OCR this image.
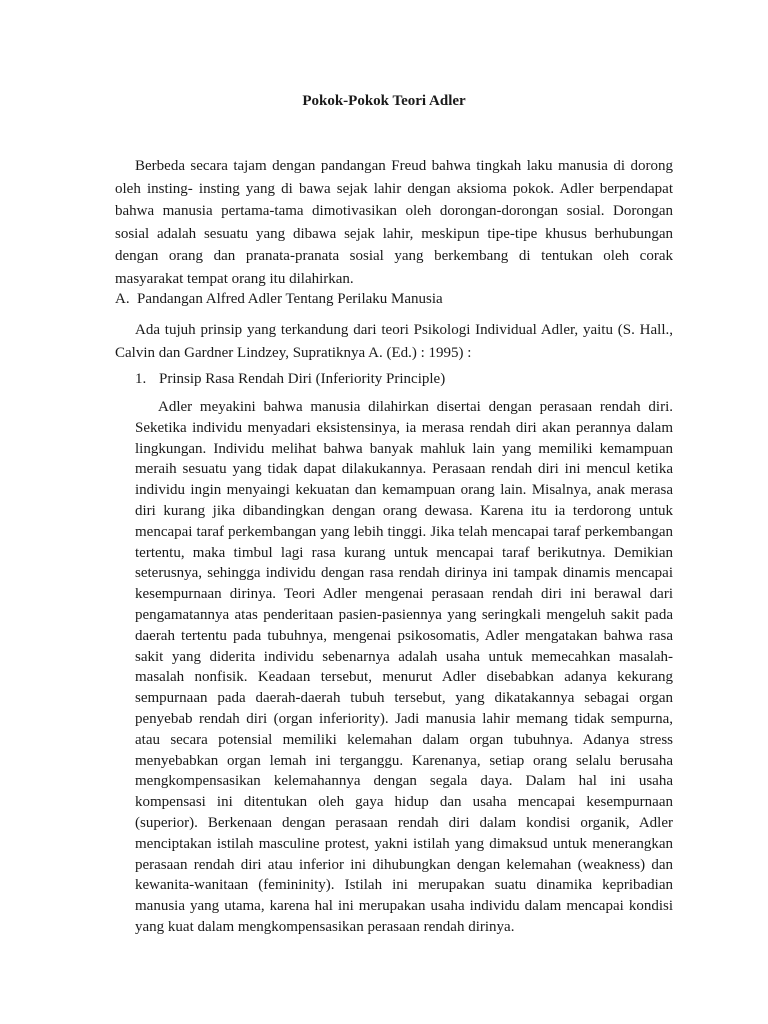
Pokok-Pokok Teori Adler

Berbeda secara tajam dengan pandangan Freud bahwa tingkah laku manusia di dorong oleh insting- insting yang di bawa sejak lahir dengan aksioma pokok. Adler berpendapat bahwa manusia pertama-tama dimotivasikan oleh dorongan-dorongan sosial. Dorongan sosial adalah sesuatu yang dibawa sejak lahir, meskipun tipe-tipe khusus berhubungan dengan orang dan pranata-pranata sosial yang berkembang di tentukan oleh corak masyarakat tempat orang itu dilahirkan.

A. Pandangan Alfred Adler Tentang Perilaku Manusia

Ada tujuh prinsip yang terkandung dari teori Psikologi Individual Adler, yaitu (S. Hall., Calvin dan Gardner Lindzey, Supratiknya A. (Ed.) : 1995) :

1. Prinsip Rasa Rendah Diri (Inferiority Principle)

Adler meyakini bahwa manusia dilahirkan disertai dengan perasaan rendah diri. Seketika individu menyadari eksistensinya, ia merasa rendah diri akan perannya dalam lingkungan. Individu melihat bahwa banyak mahluk lain yang memiliki kemampuan meraih sesuatu yang tidak dapat dilakukannya. Perasaan rendah diri ini mencul ketika individu ingin menyaingi kekuatan dan kemampuan orang lain. Misalnya, anak merasa diri kurang jika dibandingkan dengan orang dewasa. Karena itu ia terdorong untuk mencapai taraf perkembangan yang lebih tinggi. Jika telah mencapai taraf perkembangan tertentu, maka timbul lagi rasa kurang untuk mencapai taraf berikutnya. Demikian seterusnya, sehingga individu dengan rasa rendah dirinya ini tampak dinamis mencapai kesempurnaan dirinya. Teori Adler mengenai perasaan rendah diri ini berawal dari pengamatannya atas penderitaan pasien-pasiennya yang seringkali mengeluh sakit pada daerah tertentu pada tubuhnya, mengenai psikosomatis, Adler mengatakan bahwa rasa sakit yang diderita individu sebenarnya adalah usaha untuk memecahkan masalah-masalah nonfisik. Keadaan tersebut, menurut Adler disebabkan adanya kekurang sempurnaan pada daerah-daerah tubuh tersebut, yang dikatakannya sebagai organ penyebab rendah diri (organ inferiority). Jadi manusia lahir memang tidak sempurna, atau secara potensial memiliki kelemahan dalam organ tubuhnya. Adanya stress menyebabkan organ lemah ini terganggu. Karenanya, setiap orang selalu berusaha mengkompensasikan kelemahannya dengan segala daya. Dalam hal ini usaha kompensasi ini ditentukan oleh gaya hidup dan usaha mencapai kesempurnaan (superior). Berkenaan dengan perasaan rendah diri dalam kondisi organik, Adler menciptakan istilah masculine protest, yakni istilah yang dimaksud untuk menerangkan perasaan rendah diri atau inferior ini dihubungkan dengan kelemahan (weakness) dan kewanita-wanitaan (femininity). Istilah ini merupakan suatu dinamika kepribadian manusia yang utama, karena hal ini merupakan usaha individu dalam mencapai kondisi yang kuat dalam mengkompensasikan perasaan rendah dirinya.
